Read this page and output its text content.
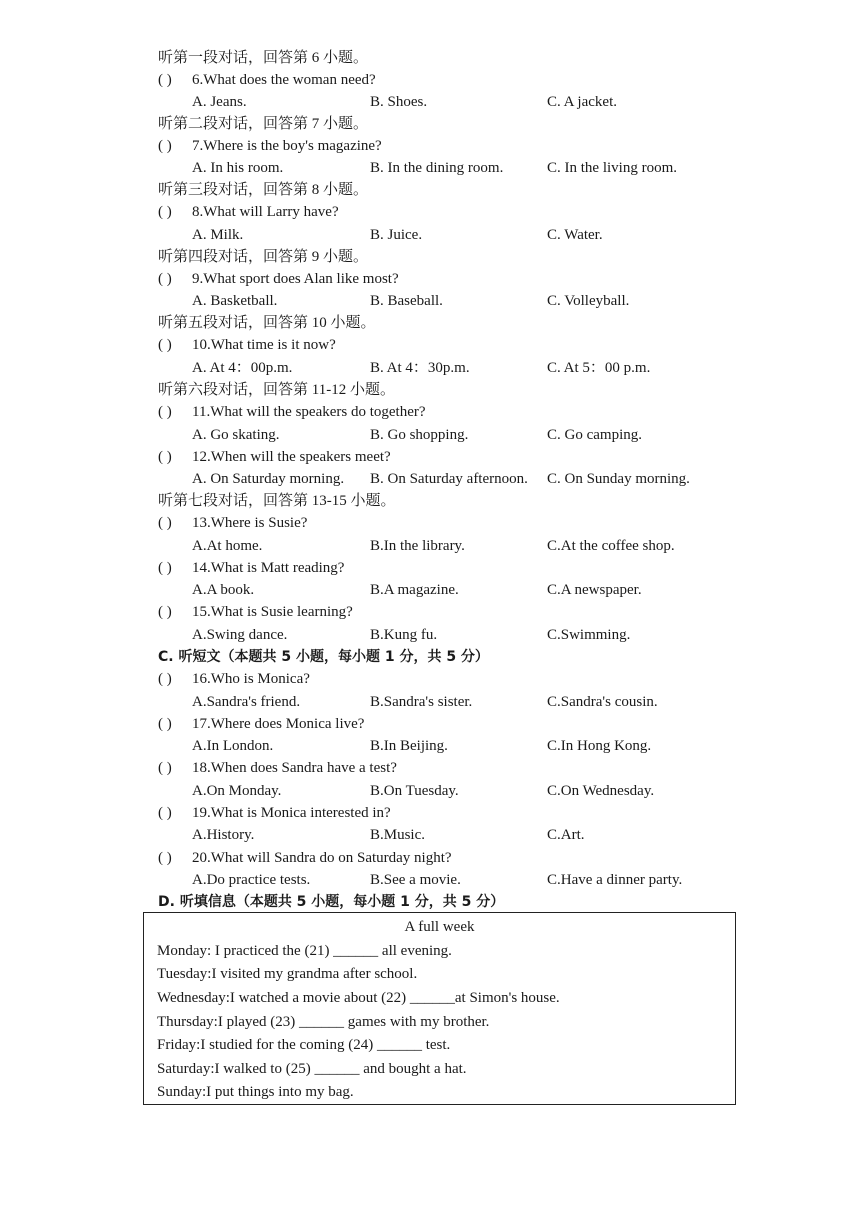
听第一段对话，回答第 6 小题。
( ) 6.What does the woman need?
A. Jeans.	B. Shoes.	C. A jacket.
听第二段对话，回答第 7 小题。
( ) 7.Where is the boy's magazine?
A. In his room.	B. In the dining room.	C. In the living room.
听第三段对话，回答第 8 小题。
( ) 8.What will Larry have?
A. Milk.	B. Juice.	C. Water.
听第四段对话，回答第 9 小题。
( ) 9.What sport does Alan like most?
A. Basketball.	B. Baseball.	C. Volleyball.
听第五段对话，回答第 10 小题。
( ) 10.What time is it now?
A. At 4：00p.m.	B. At 4：30p.m.	C. At 5：00 p.m.
听第六段对话，回答第 11-12 小题。
( ) 11.What will the speakers do together?
A. Go skating.	B. Go shopping.	C. Go camping.
( ) 12.When will the speakers meet?
A. On Saturday morning. B. On Saturday afternoon. C. On Sunday morning.
听第七段对话，回答第 13-15 小题。
( ) 13.Where is Susie?
A.At home.	B.In the library.	C.At the coffee shop.
( ) 14.What is Matt reading?
A.A book.	B.A magazine.	C.A newspaper.
( ) 15.What is Susie learning?
A.Swing dance.	B.Kung fu.	C.Swimming.
C. 听短文（本题共 5 小题，每小题 1 分，共 5 分）
( ) 16.Who is Monica?
A.Sandra's friend.	B.Sandra's sister.	C.Sandra's cousin.
( ) 17.Where does Monica live?
A.In London.	B.In Beijing.	C.In Hong Kong.
( ) 18.When does Sandra have a test?
A.On Monday.	B.On Tuesday.	C.On Wednesday.
( ) 19.What is Monica interested in?
A.History.	B.Music.	C.Art.
( ) 20.What will Sandra do on Saturday night?
A.Do practice tests.	B.See a movie.	C.Have a dinner party.
D. 听填信息（本题共 5 小题，每小题 1 分，共 5 分）
A full week
Monday: I practiced the (21) ______ all evening.
Tuesday:I visited my grandma after school.
Wednesday:I watched a movie about (22) ______at Simon's house.
Thursday:I played (23) ______ games with my brother.
Friday:I studied for the coming (24) ______ test.
Saturday:I walked to (25) ______ and bought a hat.
Sunday:I put things into my bag.
